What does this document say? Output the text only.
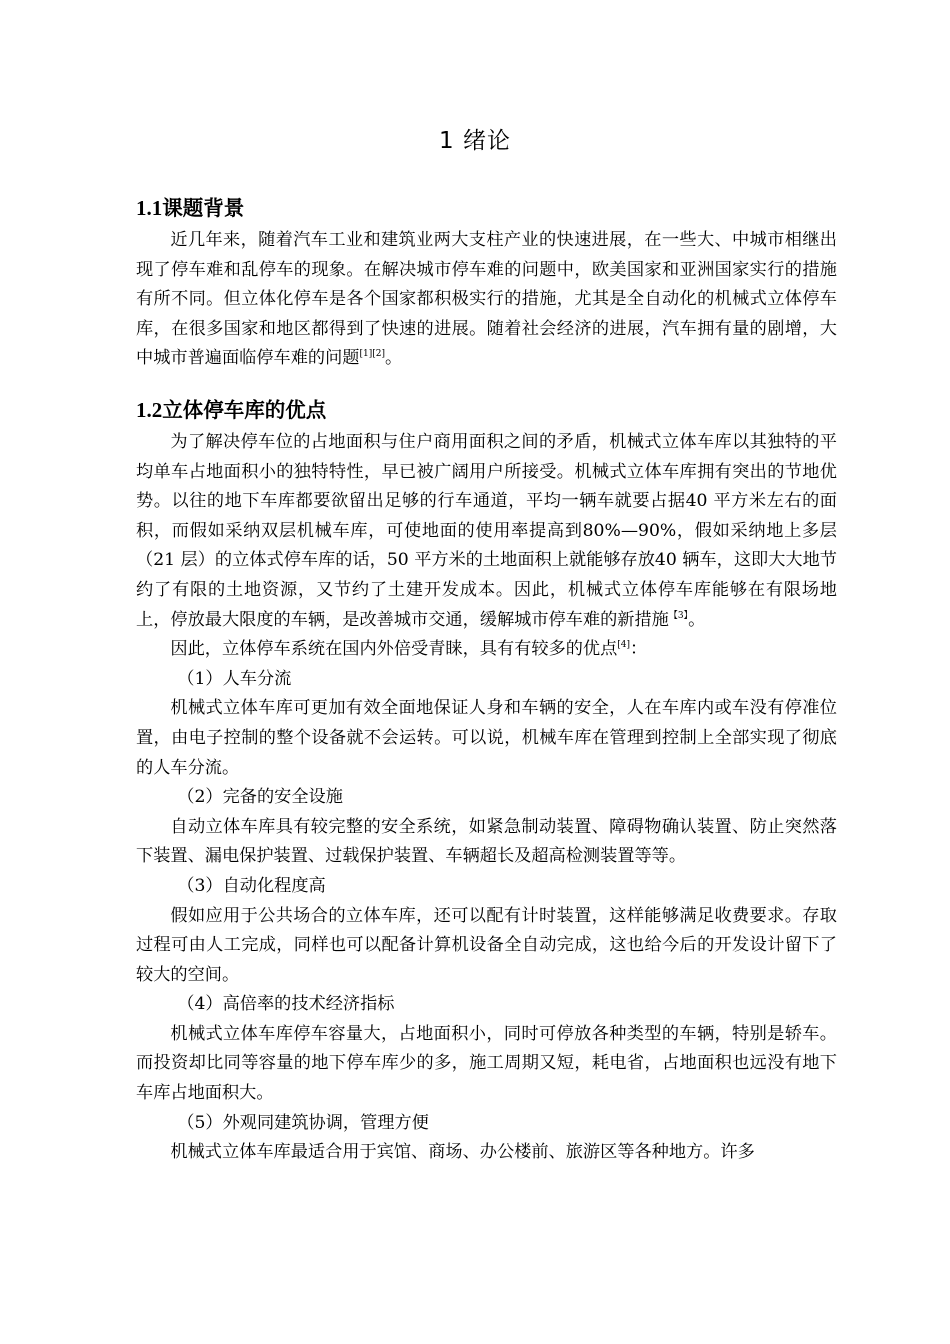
1 绪论
1.1课题背景

近几年来，随着汽车工业和建筑业两大支柱产业的快速进展，在一些大、中城市相继出现了停车难和乱停车的现象。在解决城市停车难的问题中，欧美国家和亚洲国家实行的措施有所不同。但立体化停车是各个国家都积极实行的措施，尤其是全自动化的机械式立体停车库，在很多国家和地区都得到了快速的进展。随着社会经济的进展，汽车拥有量的剧增，大中城市普遍面临停车难的问题[1][2]。

1.2立体停车库的优点

为了解决停车位的占地面积与住户商用面积之间的矛盾，机械式立体车库以其独特的平均单车占地面积小的独特特性，早已被广阔用户所接受。机械式立体车库拥有突出的节地优势。以往的地下车库都要欲留出足够的行车通道，平均一辆车就要占据40 平方米左右的面积，而假如采纳双层机械车库，可使地面的使用率提高到80%—90%，假如采纳地上多层（21 层）的立体式停车库的话，50 平方米的土地面积上就能够存放40 辆车，这即大大地节约了有限的土地资源，又节约了土建开发成本。因此，机械式立体停车库能够在有限场地上，停放最大限度的车辆，是改善城市交通，缓解城市停车难的新措施$^{【3】}$。

因此，立体停车系统在国内外倍受青睐，具有有较多的优点[4]：

（1）人车分流

机械式立体车库可更加有效全面地保证人身和车辆的安全，人在车库内或车没有停准位置，由电子控制的整个设备就不会运转。可以说，机械车库在管理到控制上全部实现了彻底的人车分流。

（2）完备的安全设施

自动立体车库具有较完整的安全系统，如紧急制动装置、障碍物确认装置、防止突然落下装置、漏电保护装置、过载保护装置、车辆超长及超高检测装置等等。

（3）自动化程度高

假如应用于公共场合的立体车库，还可以配有计时装置，这样能够满足收费要求。存取过程可由人工完成，同样也可以配备计算机设备全自动完成，这也给今后的开发设计留下了较大的空间。

（4）高倍率的技术经济指标

机械式立体车库停车容量大，占地面积小，同时可停放各种类型的车辆，特别是轿车。而投资却比同等容量的地下停车库少的多，施工周期又短，耗电省，占地面积也远没有地下车库占地面积大。

（5）外观同建筑协调，管理方便

机械式立体车库最适合用于宾馆、商场、办公楼前、旅游区等各种地方。许多
